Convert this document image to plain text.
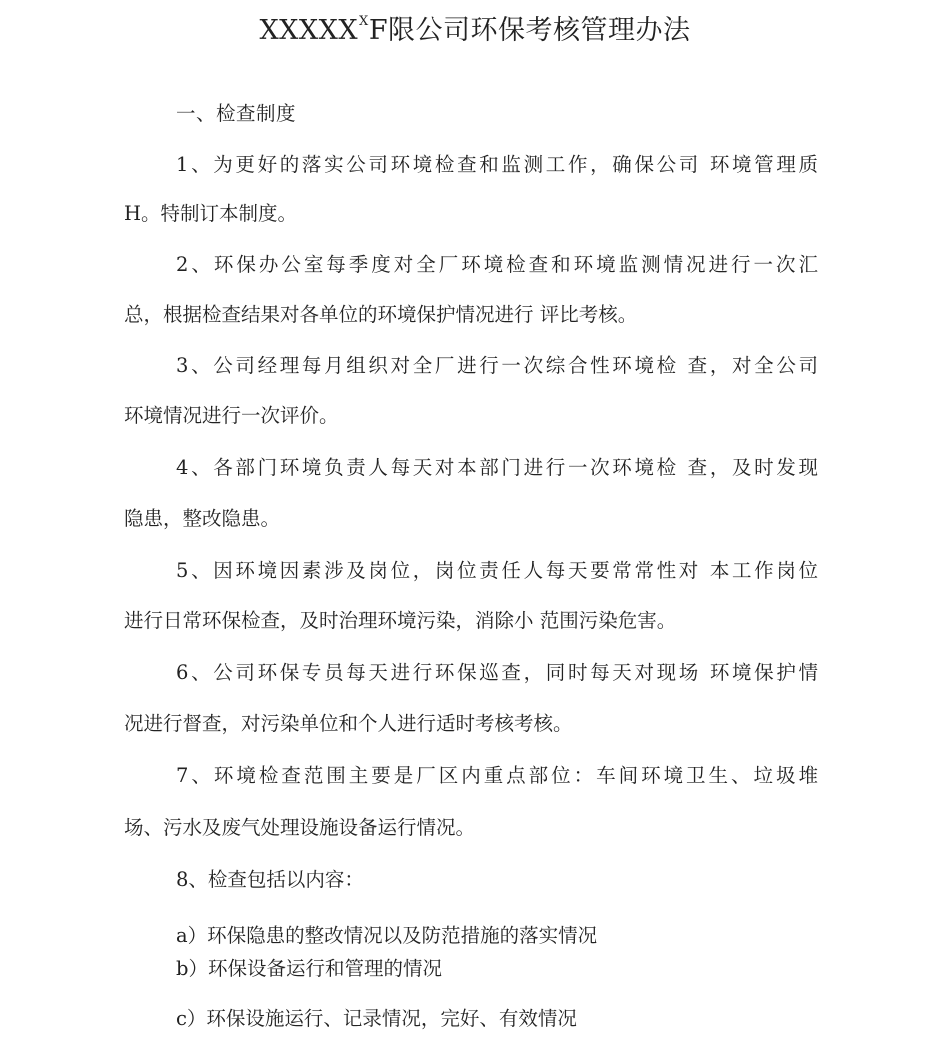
$XXXXX^XF$限公司环保考核管理办法
一、检查制度
1、为更好的落实公司环境检查和监测工作，确保公司 环境管理质
H。特制订本制度。
2、环保办公室每季度对全厂环境检查和环境监测情况进行一次汇
总，根据检查结果对各单位的环境保护情况进行 评比考核。
3、公司经理每月组织对全厂进行一次综合性环境检 查，对全公司
环境情况进行一次评价。
4、各部门环境负责人每天对本部门进行一次环境检 查，及时发现
隐患，整改隐患。
5、因环境因素涉及岗位，岗位责任人每天要常常性对 本工作岗位
进行日常环保检查，及时治理环境污染，消除小 范围污染危害。
6、公司环保专员每天进行环保巡查，同时每天对现场 环境保护情
况进行督查，对污染单位和个人进行适时考核考核。
7、环境检查范围主要是厂区内重点部位：车间环境卫生、垃圾堆
场、污水及废气处理设施设备运行情况。
8、检查包括以内容：
a）环保隐患的整改情况以及防范措施的落实情况
b）环保设备运行和管理的情况
c）环保设施运行、记录情况，完好、有效情况
